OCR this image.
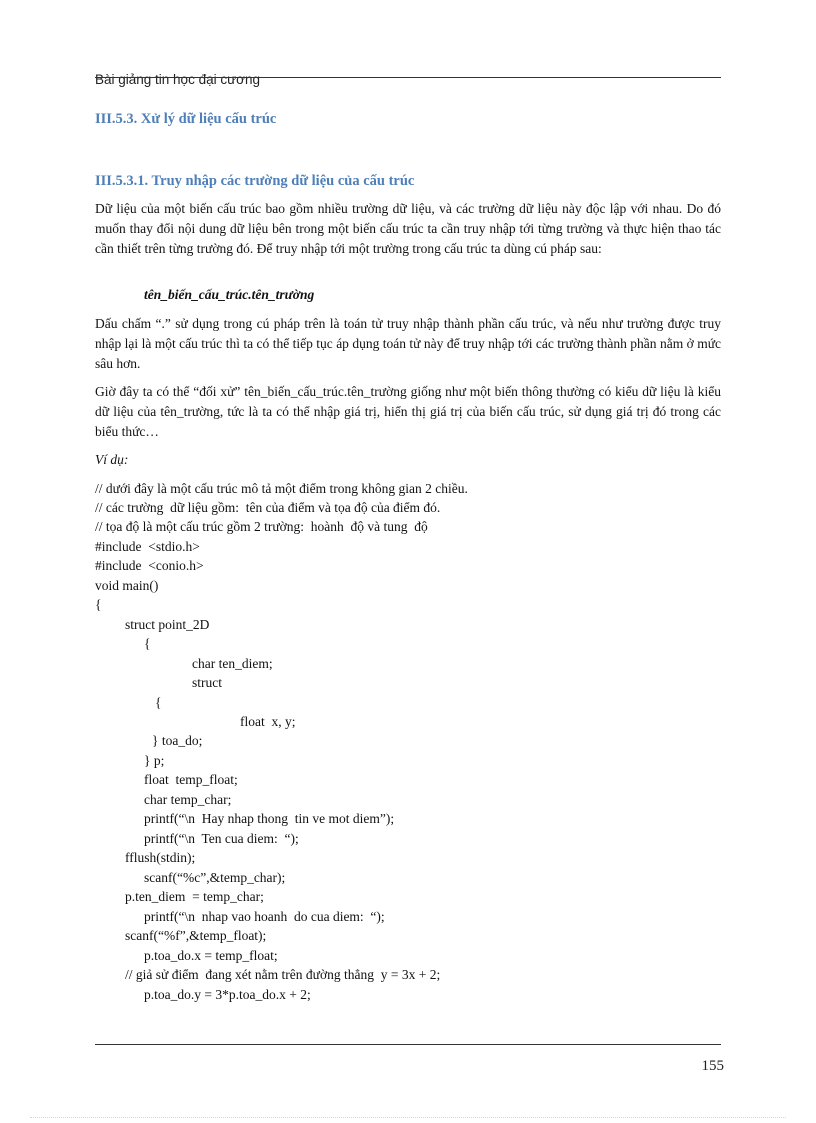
Bài giảng tin học đại cương
III.5.3. Xử lý dữ liệu cấu trúc
III.5.3.1. Truy nhập các trường dữ liệu của cấu trúc
Dữ liệu của một biến cấu trúc bao gồm nhiều trường dữ liệu, và các trường dữ liệu này độc lập với nhau. Do đó muốn thay đổi nội dung dữ liệu bên trong một biến cấu trúc ta cần truy nhập tới từng trường và thực hiện thao tác cần thiết trên từng trường đó. Để truy nhập tới một trường trong cấu trúc ta dùng cú pháp sau:
tên_biến_cấu_trúc.tên_trường
Dấu chấm “.” sử dụng trong cú pháp trên là toán tử truy nhập thành phần cấu trúc, và nếu như trường được truy nhập lại là một cấu trúc thì ta có thể tiếp tục áp dụng toán tử này để truy nhập tới các trường thành phần nằm ở mức sâu hơn.
Giờ đây ta có thể “đối xử” tên_biến_cấu_trúc.tên_trường giống như một biến thông thường có kiểu dữ liệu là kiểu dữ liệu của tên_trường, tức là ta có thể nhập giá trị, hiển thị giá trị của biến cấu trúc, sử dụng giá trị đó trong các biểu thức…
Ví dụ:
// dưới đây là một cấu trúc mô tả một điểm trong không gian 2 chiều.
// các trường  dữ liệu gồm:  tên của điểm và tọa độ của điểm đó.
// tọa độ là một cấu trúc gồm 2 trường:  hoành  độ và tung  độ
#include  <stdio.h>
#include  <conio.h>
void main()
{
struct point_2D
{
char ten_diem;
struct
{
float  x, y;
} toa_do;
} p;
float  temp_float;
char temp_char;
printf(“\n  Hay nhap thong  tin ve mot diem”);
printf(“\n  Ten cua diem:  “);
fflush(stdin);
scanf(“%c”,&temp_char);
p.ten_diem  = temp_char;
printf(“\n  nhap vao hoanh  do cua diem:  “);
scanf(“%f”,&temp_float);
p.toa_do.x = temp_float;
// giả sử điểm  đang xét nằm trên đường thẳng  y = 3x + 2;
p.toa_do.y = 3*p.toa_do.x + 2;
155
